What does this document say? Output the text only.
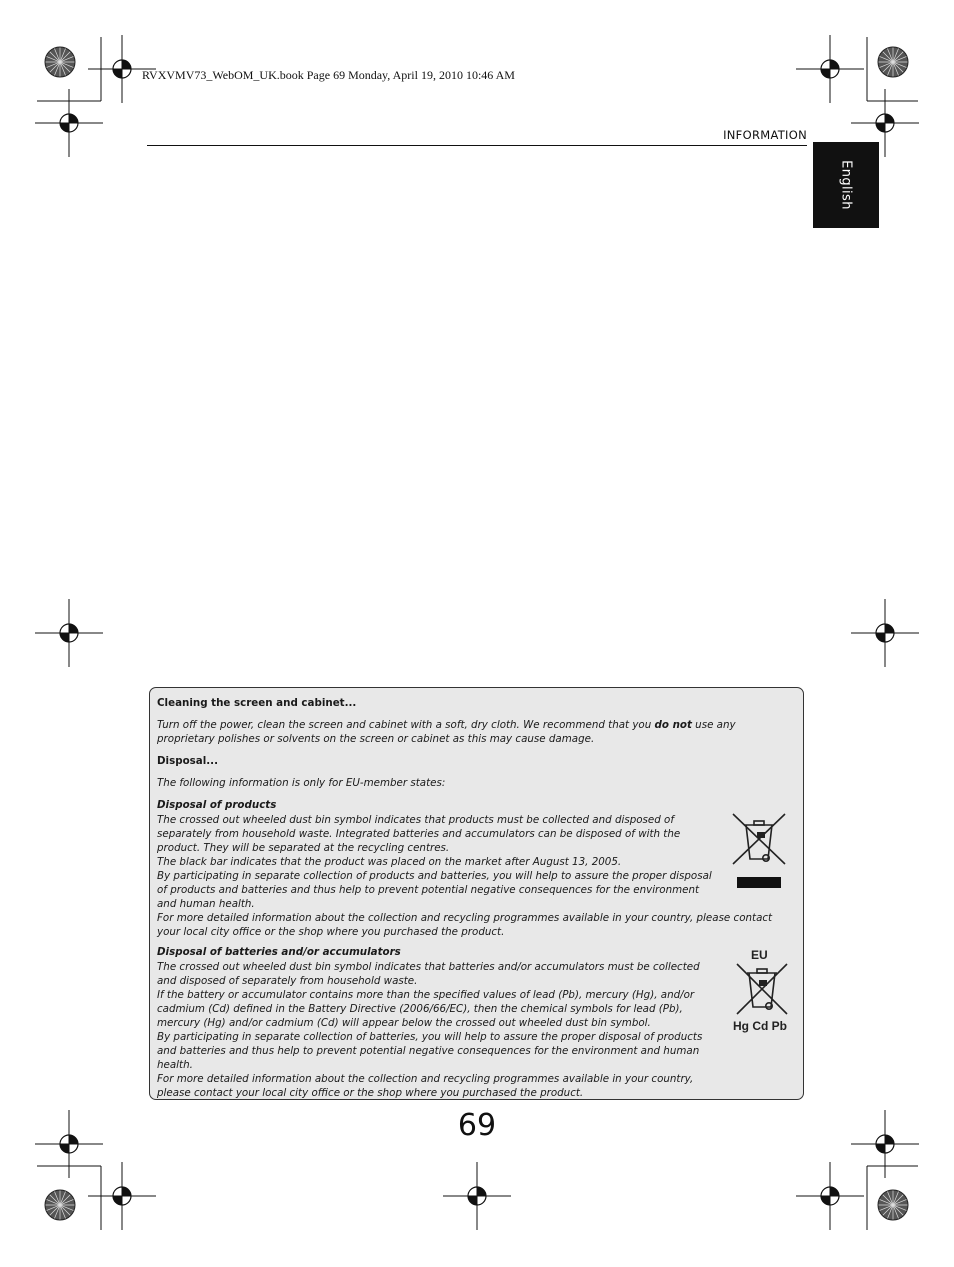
RVXVMV73_WebOM_UK.book Page 69 Monday, April 19, 2010 10:46 AM
INFORMATION
English

Cleaning the screen and cabinet...

Turn off the power, clean the screen and cabinet with a soft, dry cloth. We recommend that you do not use any proprietary polishes or solvents on the screen or cabinet as this may cause damage.

Disposal...

The following information is only for EU-member states:

Disposal of products

The crossed out wheeled dust bin symbol indicates that products must be collected and disposed of separately from household waste. Integrated batteries and accumulators can be disposed of with the product. They will be separated at the recycling centres.

The black bar indicates that the product was placed on the market after August 13, 2005.

By participating in separate collection of products and batteries, you will help to assure the proper disposal of products and batteries and thus help to prevent potential negative consequences for the environment and human health.

For more detailed information about the collection and recycling programmes available in your country, please contact your local city office or the shop where you purchased the product.

Disposal of batteries and/or accumulators

The crossed out wheeled dust bin symbol indicates that batteries and/or accumulators must be collected and disposed of separately from household waste.

If the battery or accumulator contains more than the specified values of lead (Pb), mercury (Hg), and/or cadmium (Cd) defined in the Battery Directive (2006/66/EC), then the chemical symbols for lead (Pb), mercury (Hg) and/or cadmium (Cd) will appear below the crossed out wheeled dust bin symbol.

By participating in separate collection of batteries, you will help to assure the proper disposal of products and batteries and thus help to prevent potential negative consequences for the environment and human health.

For more detailed information about the collection and recycling programmes available in your country, please contact your local city office or the shop where you purchased the product.

EU
Hg Cd Pb
69
